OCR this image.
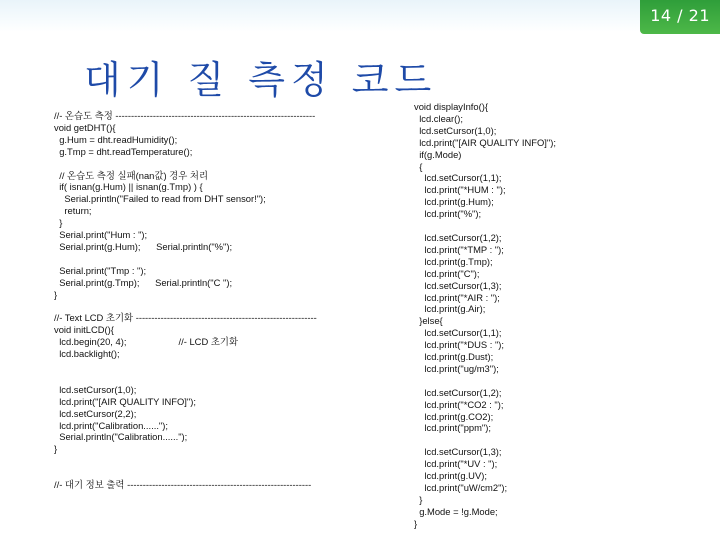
14 / 21
대기 질 측정 코드
//- 온습도 측정 ----------------------------------------------------------------
void getDHT(){
g.Hum = dht.readHumidity();
g.Tmp = dht.readTemperature();

// 온습도 측정 실패(nan값) 경우 처리
if( isnan(g.Hum) || isnan(g.Tmp) ) {
Serial.println("Failed to read from DHT sensor!");
return;
}
Serial.print("Hum : ");
Serial.print(g.Hum);      Serial.println("%");

Serial.print("Tmp : ");
Serial.print(g.Tmp);      Serial.println("C ");
}

//- Text LCD 초기화 ----------------------------------------------------------
void initLCD(){
lcd.begin(20, 4);                    //- LCD 초기화
lcd.backlight();

lcd.setCursor(1,0);
lcd.print("[AIR QUALITY INFO]");
lcd.setCursor(2,2);
lcd.print("Calibration......");
Serial.println("Calibration......");
}

//- 대기 정보 출력 -----------------------------------------------------------
void displayInfo(){
lcd.clear();
lcd.setCursor(1,0);
lcd.print("[AIR QUALITY INFO]");
if(g.Mode)
{
lcd.setCursor(1,1);
lcd.print("*HUM : ");
lcd.print(g.Hum);
lcd.print("%");

lcd.setCursor(1,2);
lcd.print("*TMP : ");
lcd.print(g.Tmp);
lcd.print("C");
lcd.setCursor(1,3);
lcd.print("*AIR : ");
lcd.print(g.Air);
}else{
lcd.setCursor(1,1);
lcd.print("*DUS : ");
lcd.print(g.Dust);
lcd.print("ug/m3");

lcd.setCursor(1,2);
lcd.print("*CO2 : ");
lcd.print(g.CO2);
lcd.print("ppm");

lcd.setCursor(1,3);
lcd.print("*UV : ");
lcd.print(g.UV);
lcd.print("uW/cm2");
}
g.Mode = !g.Mode;
}
